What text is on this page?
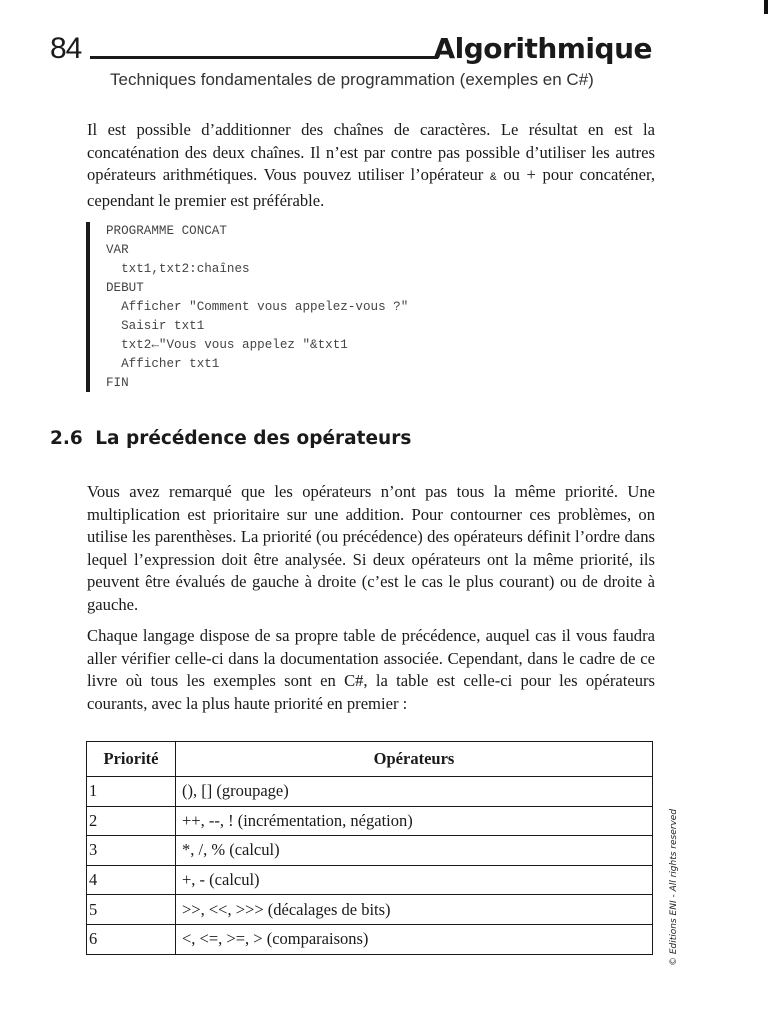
84	Algorithmique
Techniques fondamentales de programmation (exemples en C#)

Il est possible d’additionner des chaînes de caractères. Le résultat en est la concaténation des deux chaînes. Il n’est par contre pas possible d’utiliser les autres opérateurs arithmétiques. Vous pouvez utiliser l’opérateur & ou + pour concaténer, cependant le premier est préférable.

PROGRAMME CONCAT
VAR
txt1,txt2:chaînes
DEBUT
Afficher "Comment vous appelez-vous ?"
Saisir txt1
txt2←"Vous vous appelez "&txt1
Afficher txt1
FIN
2.6 La précédence des opérateurs

Vous avez remarqué que les opérateurs n’ont pas tous la même priorité. Une multiplication est prioritaire sur une addition. Pour contourner ces problèmes, on utilise les parenthèses. La priorité (ou précédence) des opérateurs définit l’ordre dans lequel l’expression doit être analysée. Si deux opérateurs ont la même priorité, ils peuvent être évalués de gauche à droite (c’est le cas le plus courant) ou de droite à gauche.

Chaque langage dispose de sa propre table de précédence, auquel cas il vous faudra aller vérifier celle-ci dans la documentation associée. Cependant, dans le cadre de ce livre où tous les exemples sont en C#, la table est celle-ci pour les opérateurs courants, avec la plus haute priorité en premier :

Priorité	Opérateurs
1	(), [] (groupage)
2	++, --, ! (incrémentation, négation)
3	*, /, % (calcul)
4	+, - (calcul)
5	>>, <<, >>> (décalages de bits)
6	<, <=, >=, > (comparaisons)	© Editions ENI - All rights reserved
